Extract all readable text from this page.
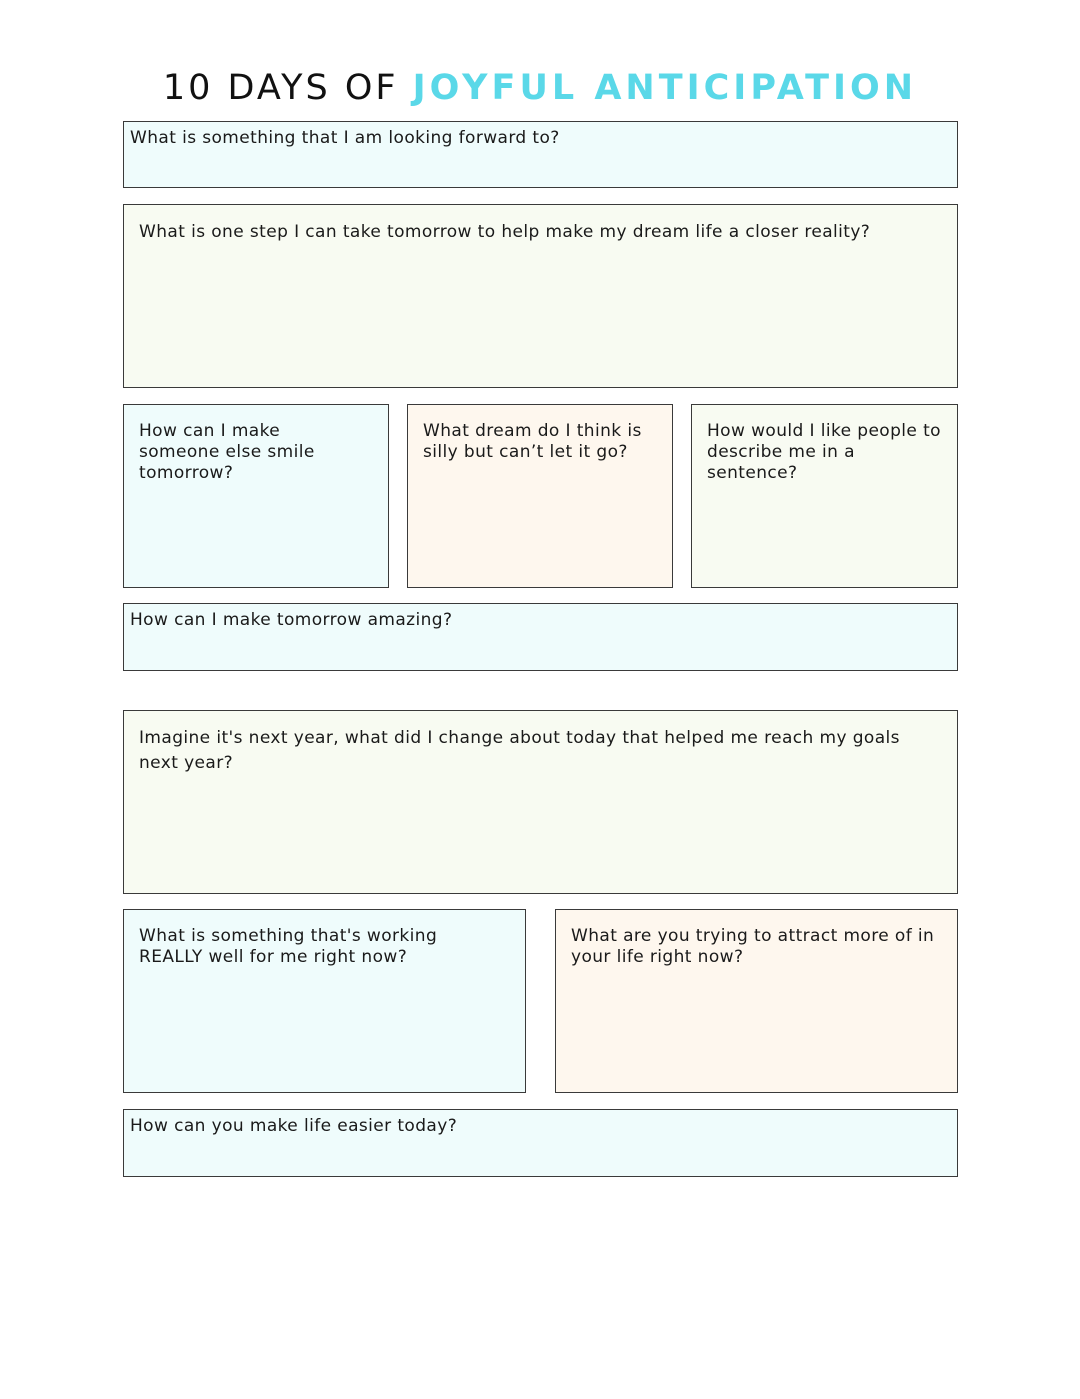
10 DAYS OF JOYFUL ANTICIPATION
What is something that I am looking forward to?
What is one step I can take tomorrow to help make my dream life a closer reality?
How can I make someone else smile tomorrow?
What dream do I think is silly but can’t let it go?
How would I like people to describe me in a sentence?
How can I make tomorrow amazing?
Imagine it's next year, what did I change about today that helped me reach my goals next year?
What is something that's working REALLY well for me right now?
What are you trying to attract more of in your life right now?
How can you make life easier today?
